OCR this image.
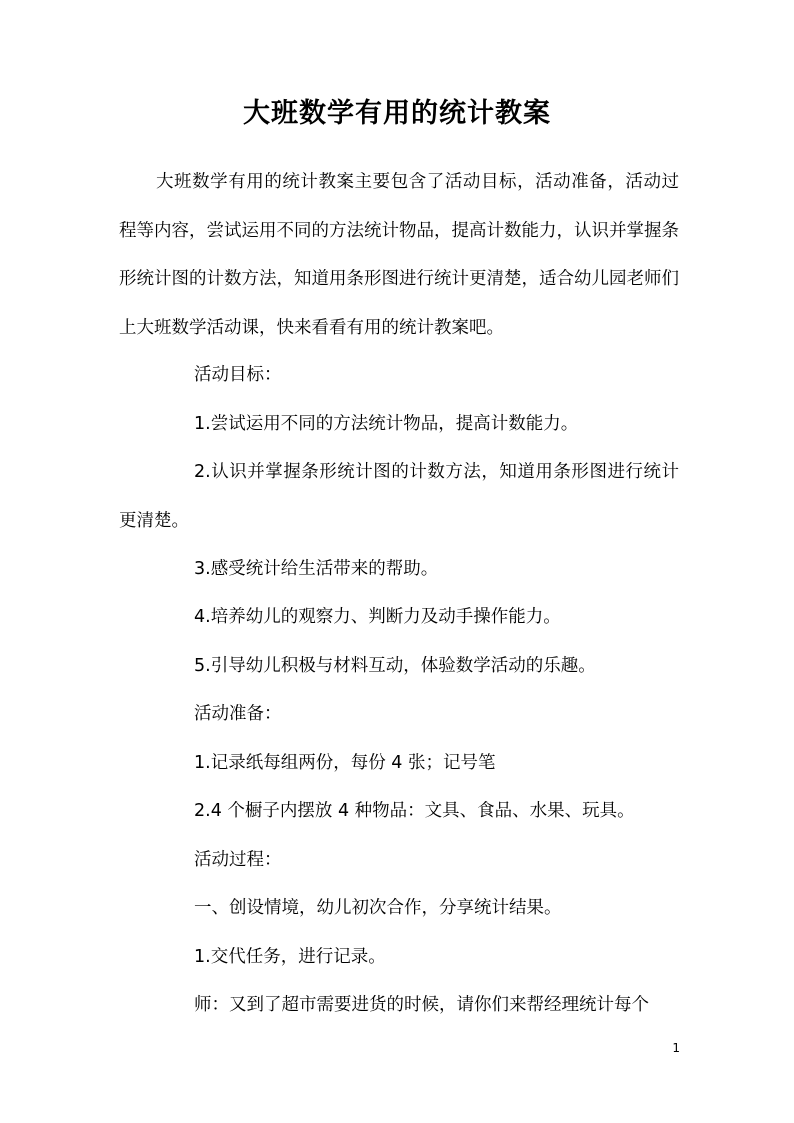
大班数学有用的统计教案

大班数学有用的统计教案主要包含了活动目标，活动准备，活动过程等内容，尝试运用不同的方法统计物品，提高计数能力，认识并掌握条形统计图的计数方法，知道用条形图进行统计更清楚，适合幼儿园老师们上大班数学活动课，快来看看有用的统计教案吧。

活动目标：

1.尝试运用不同的方法统计物品，提高计数能力。

2.认识并掌握条形统计图的计数方法，知道用条形图进行统计更清楚。

3.感受统计给生活带来的帮助。

4.培养幼儿的观察力、判断力及动手操作能力。

5.引导幼儿积极与材料互动，体验数学活动的乐趣。

活动准备：

1.记录纸每组两份，每份 4 张；记号笔

2.4 个橱子内摆放 4 种物品：文具、食品、水果、玩具。

活动过程：

一、创设情境，幼儿初次合作，分享统计结果。

1.交代任务，进行记录。

师：又到了超市需要进货的时候，请你们来帮经理统计每个

1
